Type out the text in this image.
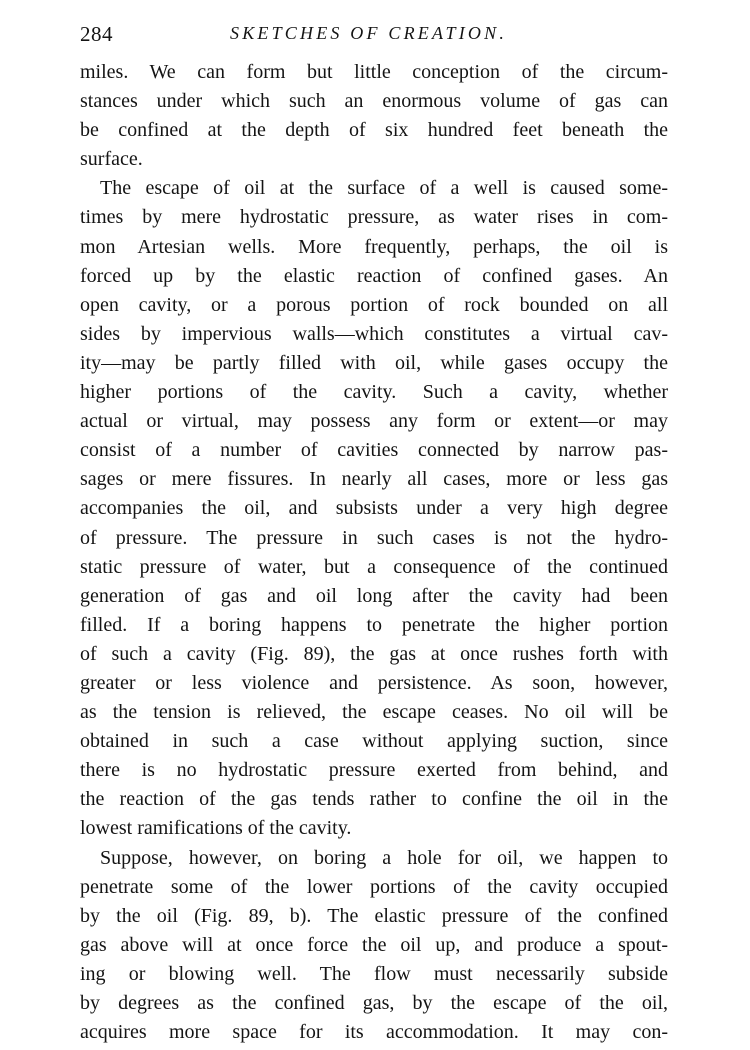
284	SKETCHES OF CREATION.
miles. We can form but little conception of the circum-
stances under which such an enormous volume of gas can
be confined at the depth of six hundred feet beneath the
surface.
The escape of oil at the surface of a well is caused some-
times by mere hydrostatic pressure, as water rises in com-
mon Artesian wells. More frequently, perhaps, the oil is
forced up by the elastic reaction of confined gases. An
open cavity, or a porous portion of rock bounded on all
sides by impervious walls—which constitutes a virtual cav-
ity—may be partly filled with oil, while gases occupy the
higher portions of the cavity. Such a cavity, whether
actual or virtual, may possess any form or extent—or may
consist of a number of cavities connected by narrow pas-
sages or mere fissures. In nearly all cases, more or less gas
accompanies the oil, and subsists under a very high degree
of pressure. The pressure in such cases is not the hydro-
static pressure of water, but a consequence of the continued
generation of gas and oil long after the cavity had been
filled. If a boring happens to penetrate the higher portion
of such a cavity (Fig. 89), the gas at once rushes forth with
greater or less violence and persistence. As soon, however,
as the tension is relieved, the escape ceases. No oil will be
obtained in such a case without applying suction, since
there is no hydrostatic pressure exerted from behind, and
the reaction of the gas tends rather to confine the oil in the
lowest ramifications of the cavity.
Suppose, however, on boring a hole for oil, we happen to
penetrate some of the lower portions of the cavity occupied
by the oil (Fig. 89, b). The elastic pressure of the confined
gas above will at once force the oil up, and produce a spout-
ing or blowing well. The flow must necessarily subside
by degrees as the confined gas, by the escape of the oil,
acquires more space for its accommodation. It may con-
